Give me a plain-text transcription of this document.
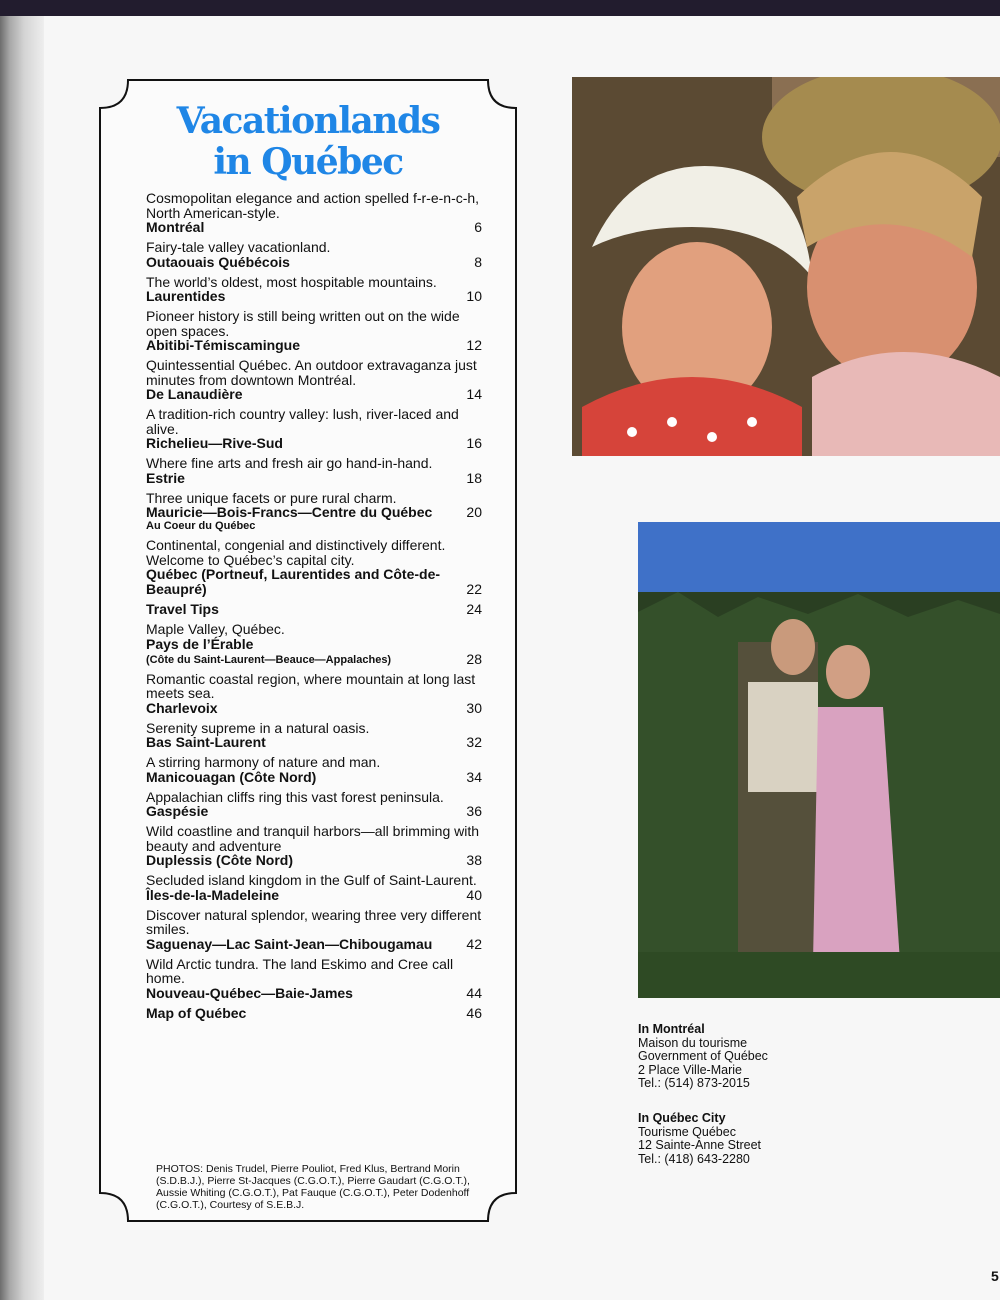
Vacationlands
in Québec
Cosmopolitan elegance and action spelled f-r-e-n-c-h, North American-style.
Montréal	6
Fairy-tale valley vacationland.
Outaouais Québécois	8
The world’s oldest, most hospitable mountains.
Laurentides	10
Pioneer history is still being written out on the wide open spaces.
Abitibi-Témiscamingue	12
Quintessential Québec. An outdoor extravaganza just minutes from downtown Montréal.
De Lanaudière	14
A tradition-rich country valley: lush, river-laced and alive.
Richelieu—Rive-Sud	16
Where fine arts and fresh air go hand-in-hand.
Estrie	18
Three unique facets or pure rural charm.
Mauricie—Bois-Francs—Centre du Québec 20
Au Coeur du Québec
Continental, congenial and distinctively different. Welcome to Québec’s capital city.
Québec (Portneuf, Laurentides and Côte-de-Beaupré)	22
Travel Tips	24
Maple Valley, Québec.
Pays de l’Érable
(Côte du Saint-Laurent—Beauce—Appalaches)	28
Romantic coastal region, where mountain at long last meets sea.
Charlevoix	30
Serenity supreme in a natural oasis.
Bas Saint-Laurent	32
A stirring harmony of nature and man.
Manicouagan (Côte Nord)	34
Appalachian cliffs ring this vast forest peninsula.
Gaspésie	36
Wild coastline and tranquil harbors—all brimming with beauty and adventure
Duplessis (Côte Nord)	38
Secluded island kingdom in the Gulf of Saint-Laurent.
Îles-de-la-Madeleine	40
Discover natural splendor, wearing three very different smiles.
Saguenay—Lac Saint-Jean—Chibougamau 42
Wild Arctic tundra. The land Eskimo and Cree call home.
Nouveau-Québec—Baie-James	44
Map of Québec	46
PHOTOS: Denis Trudel, Pierre Pouliot, Fred Klus, Bertrand Morin (S.D.B.J.), Pierre St-Jacques (C.G.O.T.), Pierre Gaudart (C.G.O.T.), Aussie Whiting (C.G.O.T.), Pat Fauque (C.G.O.T.), Peter Dodenhoff (C.G.O.T.), Courtesy of S.E.B.J.
In Montréal
Maison du tourisme
Government of Québec
2 Place Ville-Marie
Tel.: (514) 873-2015
In Québec City
Tourisme Québec
12 Sainte-Anne Street
Tel.: (418) 643-2280
5
